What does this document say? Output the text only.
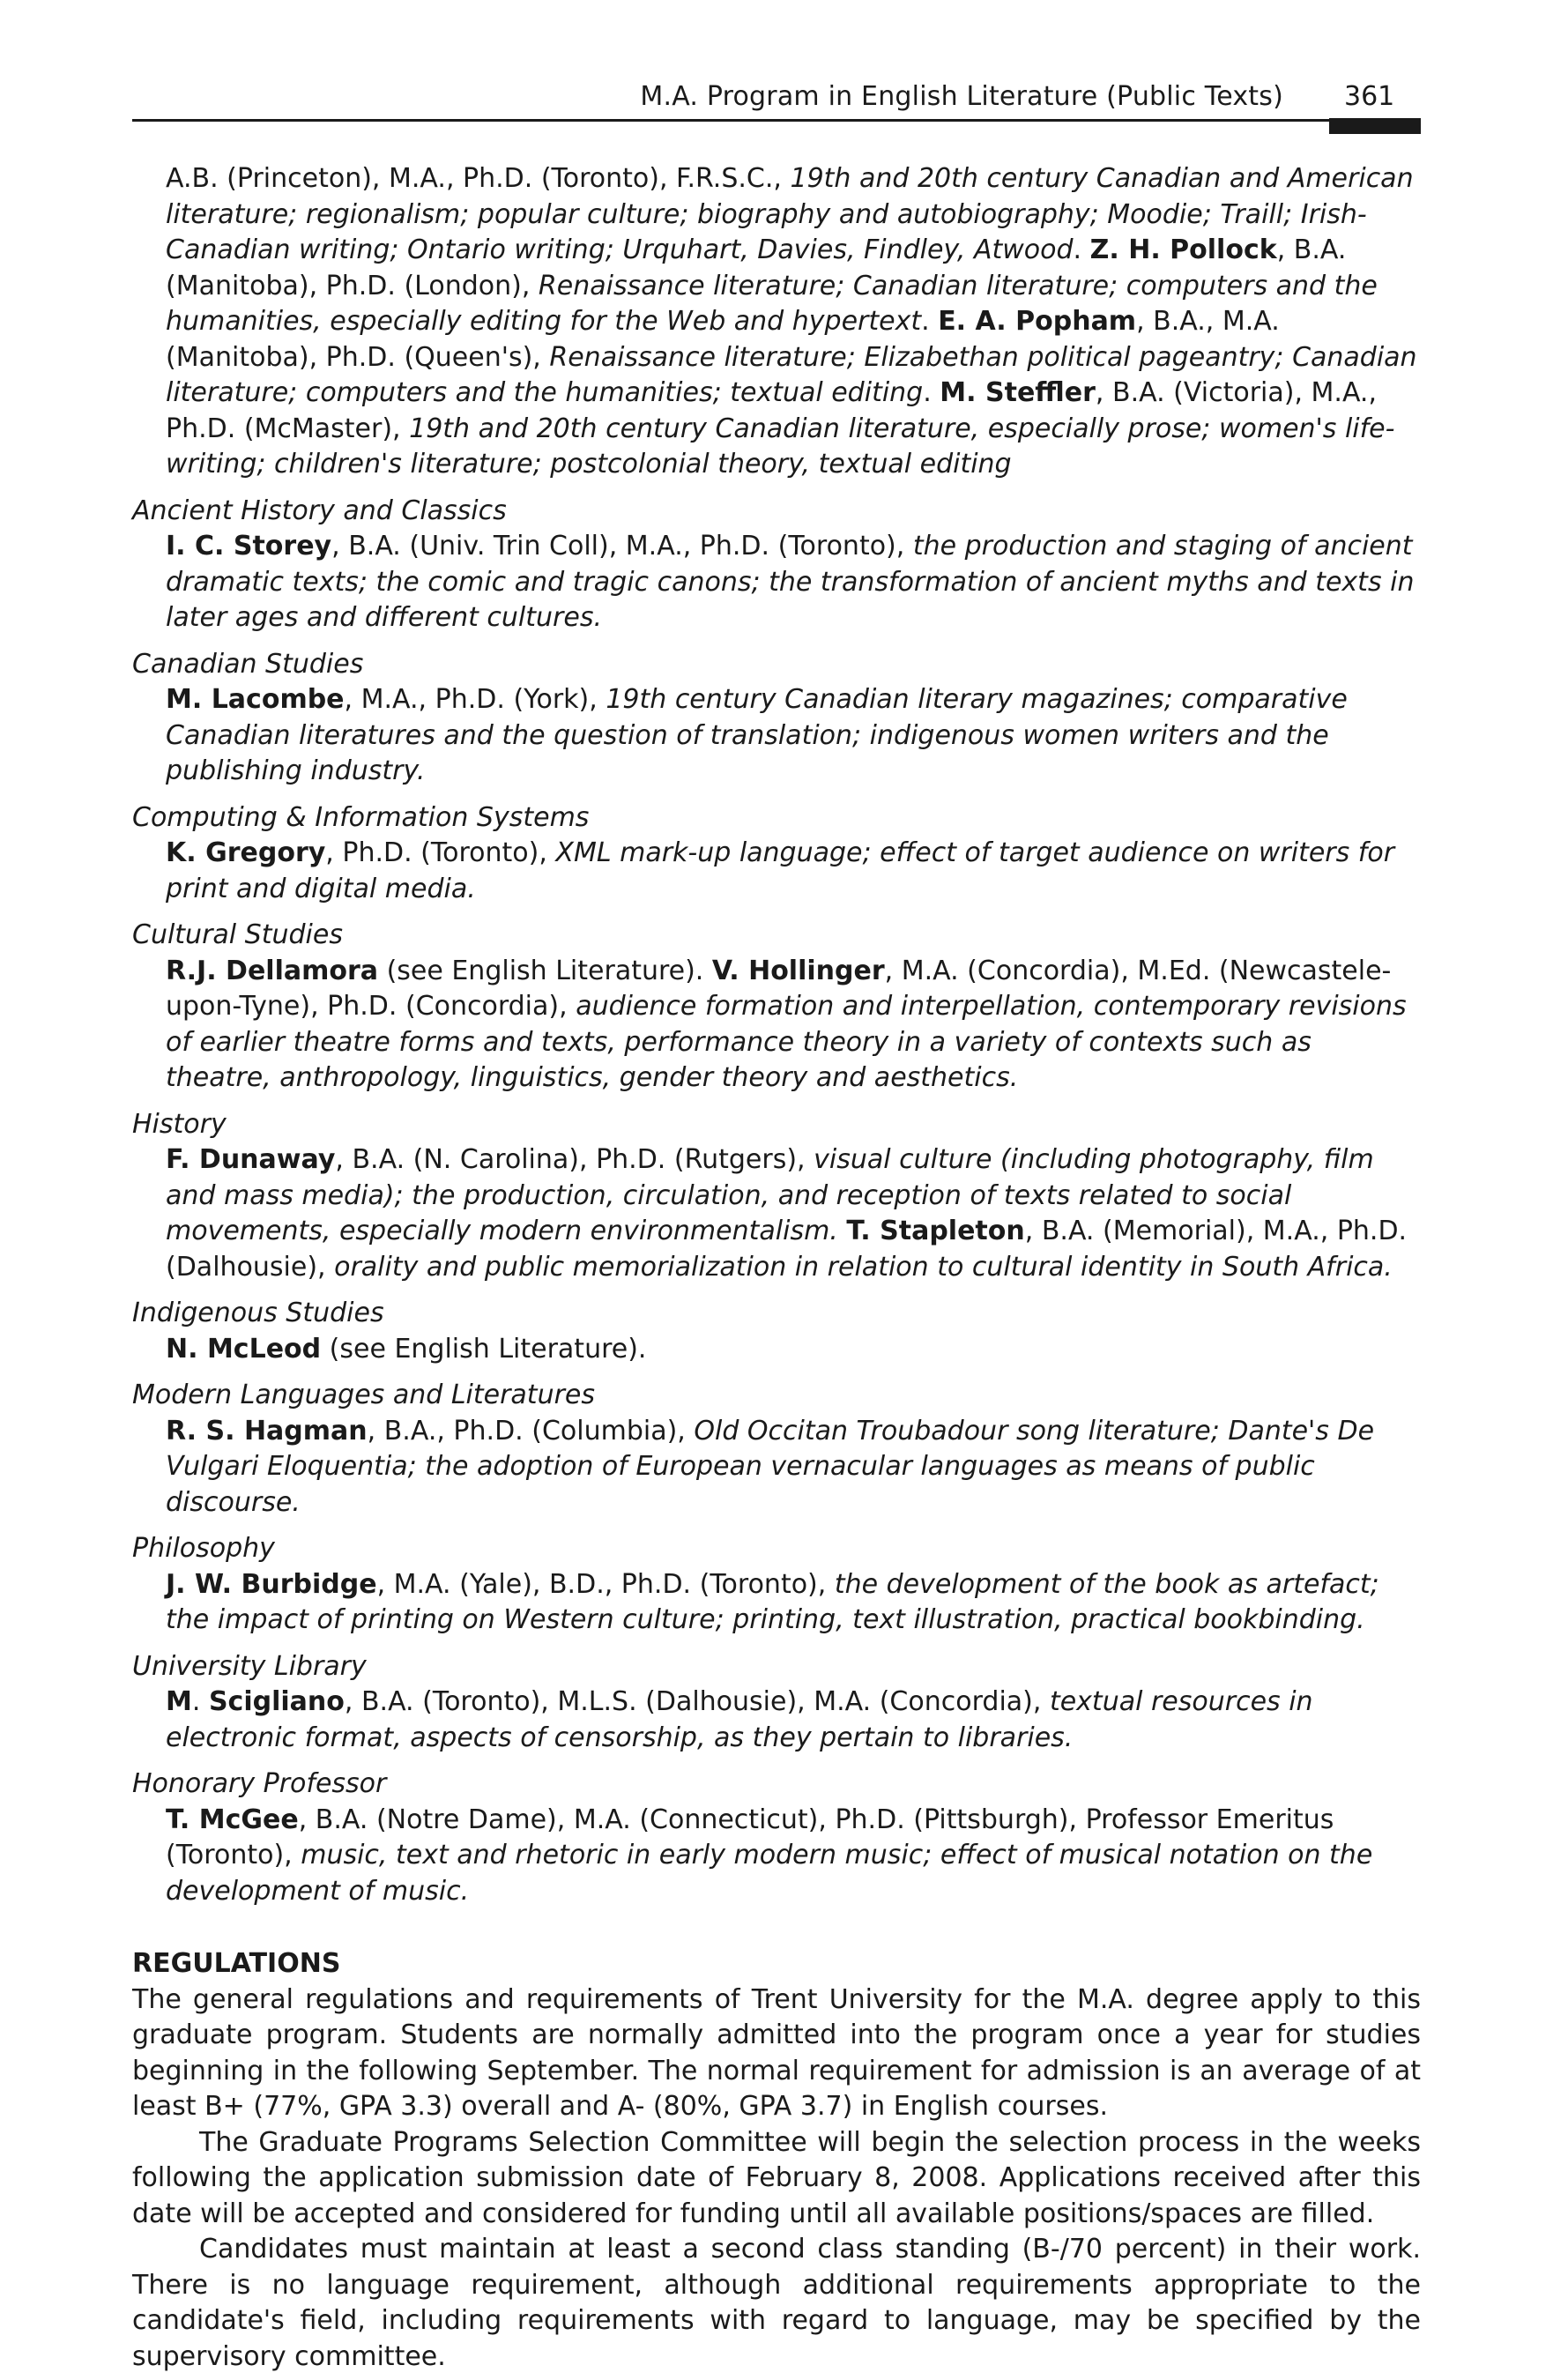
M.A. Program in English Literature (Public Texts) 361
A.B. (Princeton), M.A., Ph.D. (Toronto), F.R.S.C., 19th and 20th century Canadian and American literature; regionalism; popular culture; biography and autobiography; Moodie; Traill; Irish-Canadian writing; Ontario writing; Urquhart, Davies, Findley, Atwood. Z. H. Pollock, B.A. (Manitoba), Ph.D. (London), Renaissance literature; Canadian literature; computers and the humanities, especially editing for the Web and hypertext. E. A. Popham, B.A., M.A. (Manitoba), Ph.D. (Queen's), Renaissance literature; Elizabethan political pageantry; Canadian literature; computers and the humanities; textual editing. M. Steffler, B.A. (Victoria), M.A., Ph.D. (McMaster), 19th and 20th century Canadian literature, especially prose; women's life-writing; children's literature; postcolonial theory, textual editing
Ancient History and Classics
I. C. Storey, B.A. (Univ. Trin Coll), M.A., Ph.D. (Toronto), the production and staging of ancient dramatic texts; the comic and tragic canons; the transformation of ancient myths and texts in later ages and different cultures.
Canadian Studies
M. Lacombe, M.A., Ph.D. (York), 19th century Canadian literary magazines; comparative Canadian literatures and the question of translation; indigenous women writers and the publishing industry.
Computing & Information Systems
K. Gregory, Ph.D. (Toronto), XML mark-up language; effect of target audience on writers for print and digital media.
Cultural Studies
R.J. Dellamora (see English Literature). V. Hollinger, M.A. (Concordia), M.Ed. (Newcastele-upon-Tyne), Ph.D. (Concordia), audience formation and interpellation, contemporary revisions of earlier theatre forms and texts, performance theory in a variety of contexts such as theatre, anthropology, linguistics, gender theory and aesthetics.
History
F. Dunaway, B.A. (N. Carolina), Ph.D. (Rutgers), visual culture (including photography, film and mass media); the production, circulation, and reception of texts related to social movements, especially modern environmentalism. T. Stapleton, B.A. (Memorial), M.A., Ph.D. (Dalhousie), orality and public memorialization in relation to cultural identity in South Africa.
Indigenous Studies
N. McLeod (see English Literature).
Modern Languages and Literatures
R. S. Hagman, B.A., Ph.D. (Columbia), Old Occitan Troubadour song literature; Dante's De Vulgari Eloquentia; the adoption of European vernacular languages as means of public discourse.
Philosophy
J. W. Burbidge, M.A. (Yale), B.D., Ph.D. (Toronto), the development of the book as artefact; the impact of printing on Western culture; printing, text illustration, practical bookbinding.
University Library
M. Scigliano, B.A. (Toronto), M.L.S. (Dalhousie), M.A. (Concordia), textual resources in electronic format, aspects of censorship, as they pertain to libraries.
Honorary Professor
T. McGee, B.A. (Notre Dame), M.A. (Connecticut), Ph.D. (Pittsburgh), Professor Emeritus (Toronto), music, text and rhetoric in early modern music; effect of musical notation on the development of music.
REGULATIONS
The general regulations and requirements of Trent University for the M.A. degree apply to this graduate program. Students are normally admitted into the program once a year for studies beginning in the following September. The normal requirement for admission is an average of at least B+ (77%, GPA 3.3) overall and A- (80%, GPA 3.7) in English courses.
The Graduate Programs Selection Committee will begin the selection process in the weeks following the application submission date of February 8, 2008. Applications received after this date will be accepted and considered for funding until all available positions/spaces are filled.
Candidates must maintain at least a second class standing (B-/70 percent) in their work. There is no language requirement, although additional requirements appropriate to the candidate's field, including requirements with regard to language, may be specified by the supervisory committee.
